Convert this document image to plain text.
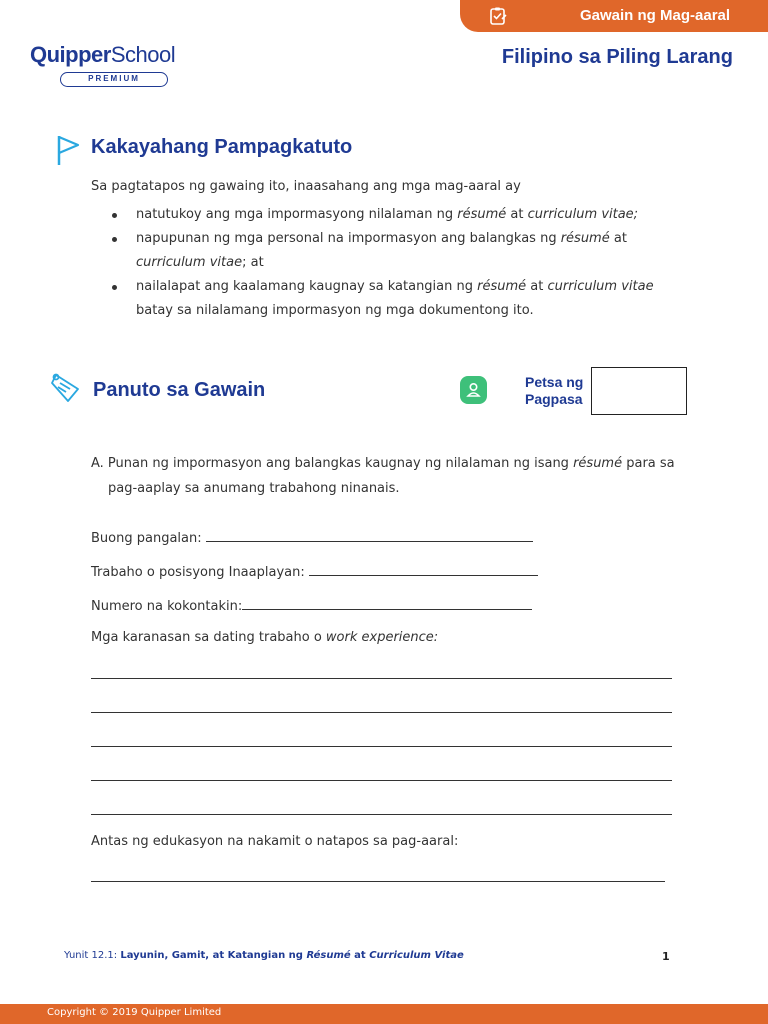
Gawain ng Mag-aaral
QuipperSchool
PREMIUM
Filipino sa Piling Larang
Kakayahang Pampagkatuto
Sa pagtatapos ng gawaing ito, inaasahang ang mga mag-aaral ay
natutukoy ang mga impormasyong nilalaman ng résumé at curriculum vitae;
napupunan ng mga personal na impormasyon ang balangkas ng résumé at
curriculum vitae; at
nailalapat ang kaalamang kaugnay sa katangian ng résumé at curriculum vitae batay sa nilalamang impormasyon ng mga dokumentong ito.
Panuto sa Gawain	Petsa ng
Pagpasa
A. Punan ng impormasyon ang balangkas kaugnay ng nilalaman ng isang résumé para sa
pag-aaplay sa anumang trabahong ninanais.
Buong pangalan:
Trabaho o posisyong Inaaplayan:
Numero na kokontakin:
Mga karanasan sa dating trabaho o work experience:
Antas ng edukasyon na nakamit o natapos sa pag-aaral:
Yunit 12.1: Layunin, Gamit, at Katangian ng Résumé at Curriculum Vitae	1
Copyright © 2019 Quipper Limited
